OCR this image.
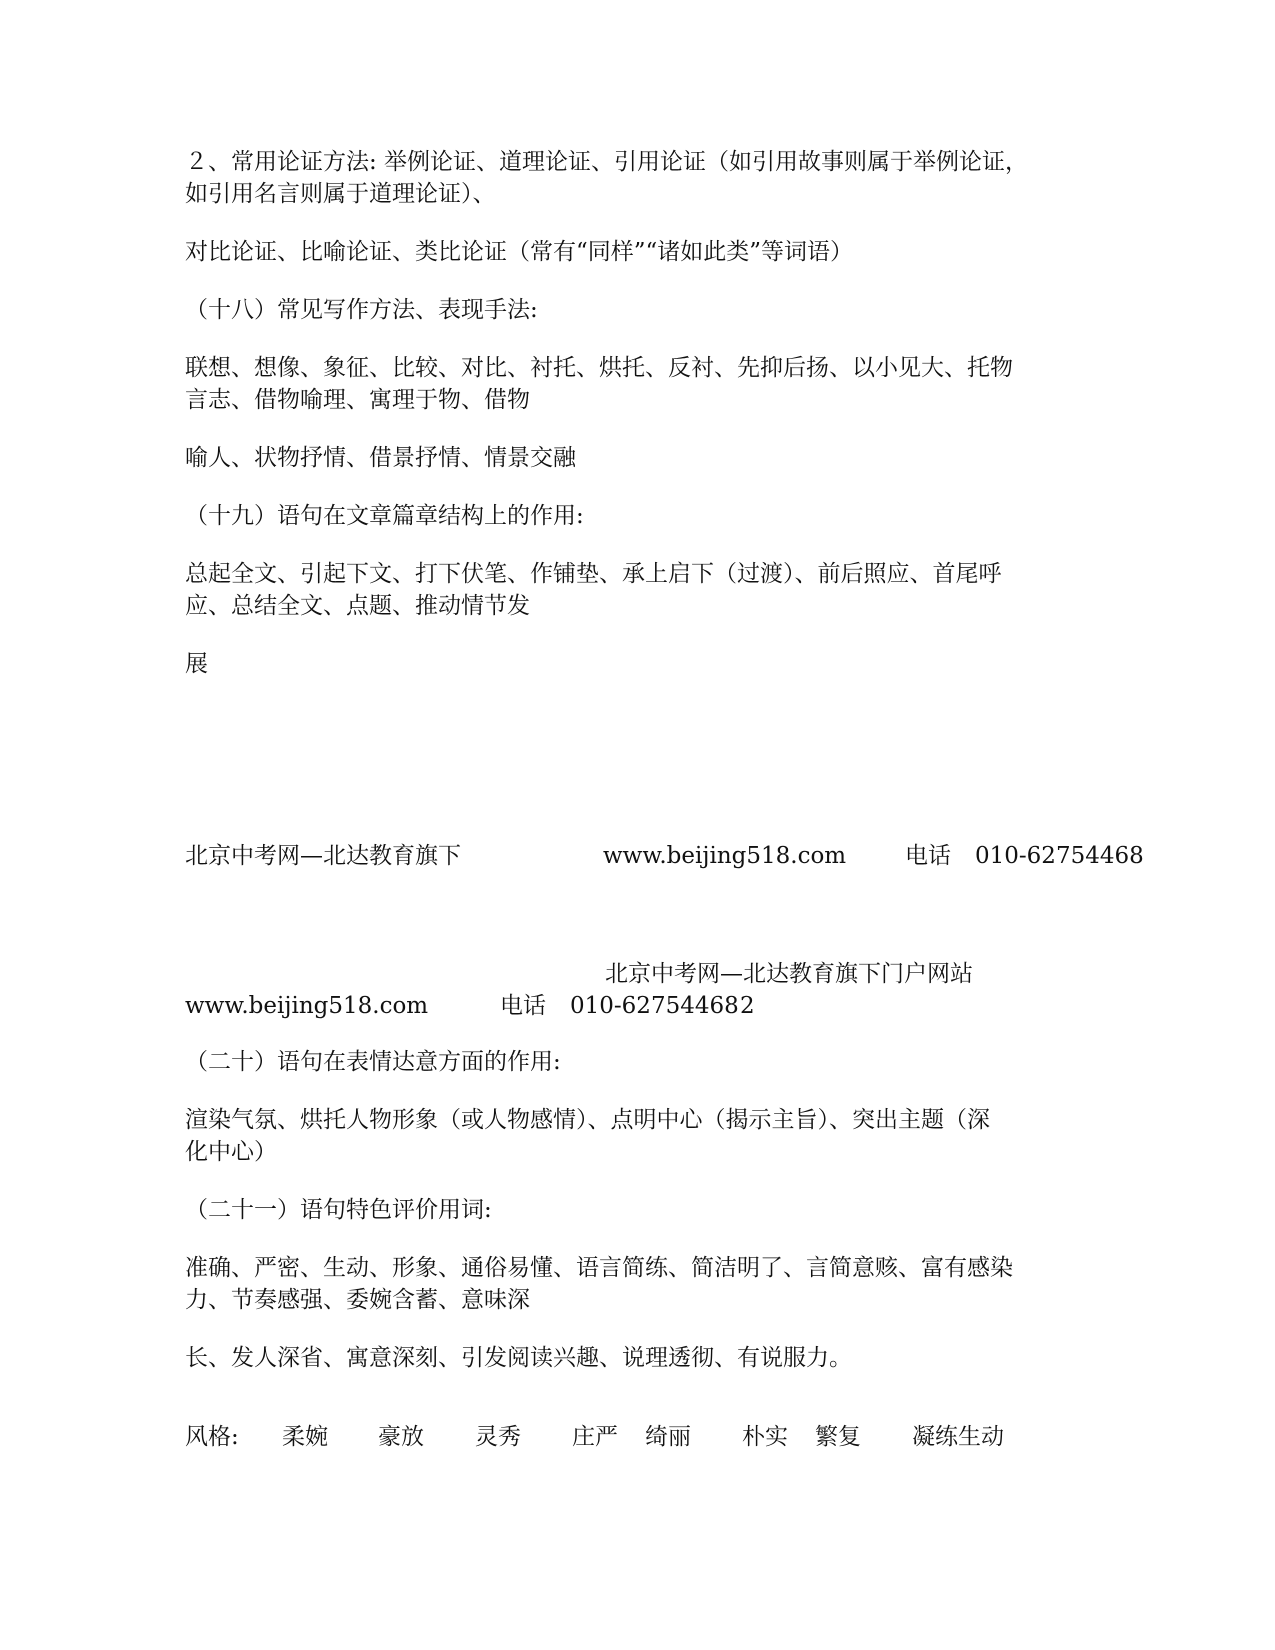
２、常用论证方法: 举例论证、道理论证、引用论证（如引用故事则属于举例论证，
如引用名言则属于道理论证）、
对比论证、比喻论证、类比论证（常有“同样”“诸如此类”等词语）
（十八）常见写作方法、表现手法:
联想、想像、象征、比较、对比、衬托、烘托、反衬、先抑后扬、以小见大、托物
言志、借物喻理、寓理于物、借物
喻人、状物抒情、借景抒情、情景交融
（十九）语句在文章篇章结构上的作用:
总起全文、引起下文、打下伏笔、作铺垫、承上启下（过渡）、前后照应、首尾呼
应、总结全文、点题、推动情节发
展
北京中考网—北达教育旗下	www.beijing518.com	电话 010-62754468
北京中考网—北达教育旗下门户网站
www.beijing518.com	电话 010-62754468 2
（二十）语句在表情达意方面的作用:
渲染气氛、烘托人物形象（或人物感情）、点明中心（揭示主旨）、突出主题（深
化中心）
（二十一）语句特色评价用词:
准确、严密、生动、形象、通俗易懂、语言简练、简洁明了、言简意赅、富有感染
力、节奏感强、委婉含蓄、意味深
长、发人深省、寓意深刻、引发阅读兴趣、说理透彻、有说服力。
风格: 柔婉 豪放 灵秀 庄严 绮丽 朴实 繁复 凝练生动
